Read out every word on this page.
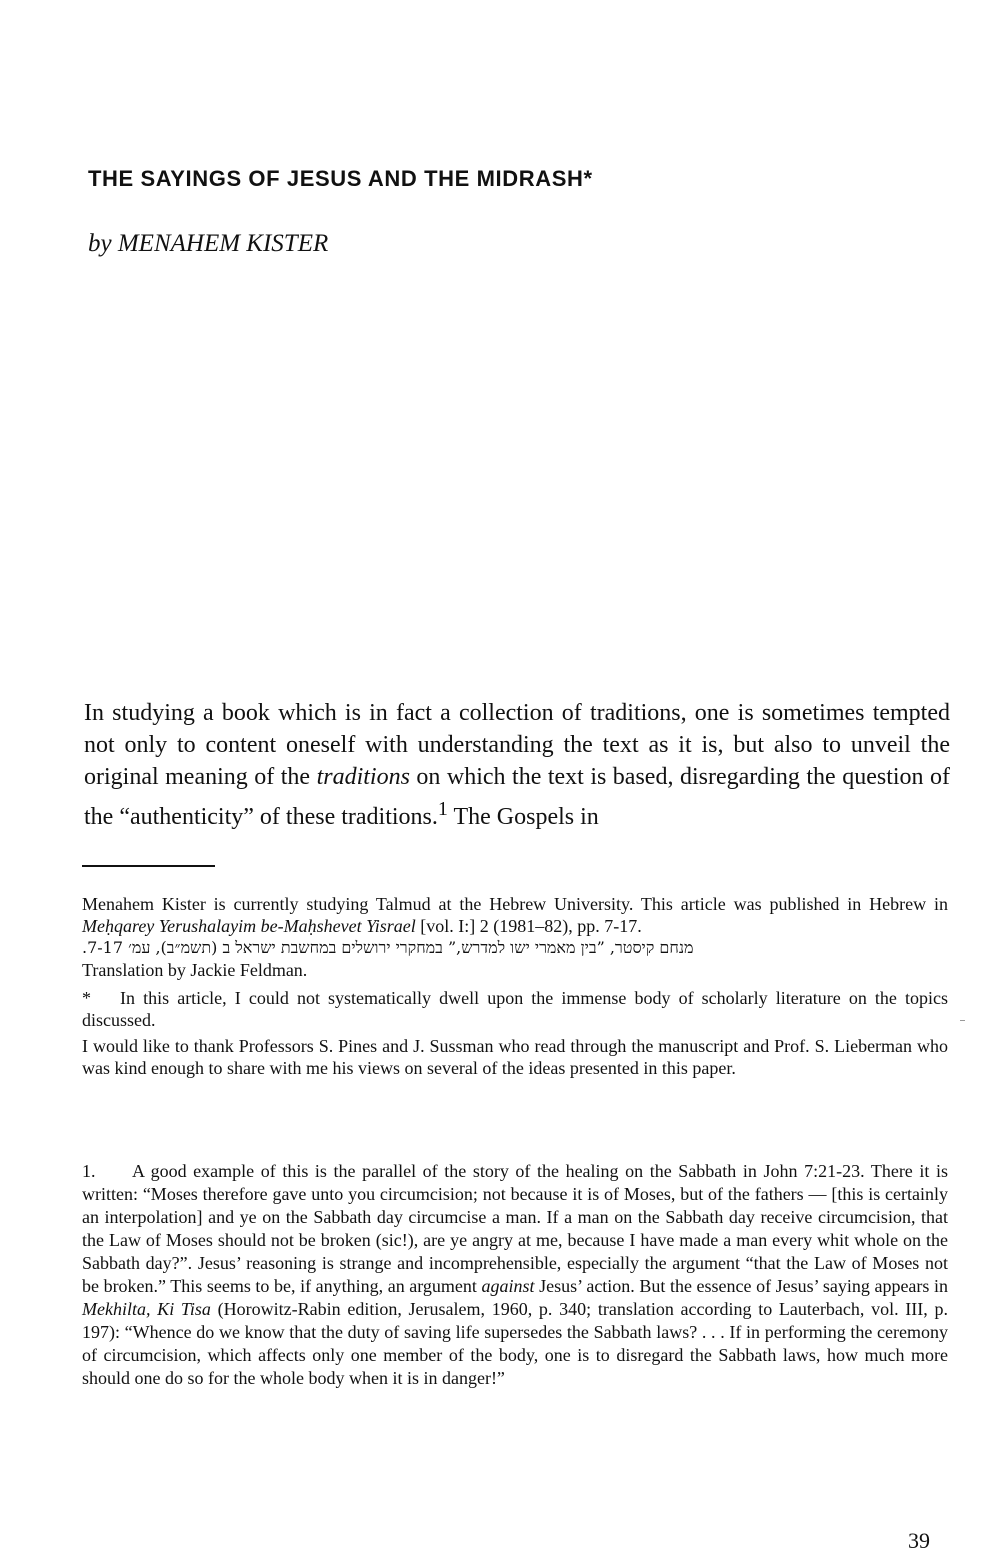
THE SAYINGS OF JESUS AND THE MIDRASH*
by MENAHEM KISTER

In studying a book which is in fact a collection of traditions, one is sometimes tempted not only to content oneself with understanding the text as it is, but also to unveil the original meaning of the traditions on which the text is based, disregarding the question of the “authenticity” of these traditions.$^1$ The Gospels in

Menahem Kister is currently studying Talmud at the Hebrew University. This article was published in Hebrew in Meḥqarey Yerushalayim be-Maḥshevet Yisrael [vol. I:] 2 (1981–82), pp. 7-17.

מנחם קיסטר, ”בין מאמרי ישו למדרש,” במחקרי ירושלים במחשבת ישראל ב (תשמ״ב), עמ׳ 7-17.

Translation by Jackie Feldman.

* In this article, I could not systematically dwell upon the immense body of scholarly literature on the topics discussed.

I would like to thank Professors S. Pines and J. Sussman who read through the manuscript and Prof. S. Lieberman who was kind enough to share with me his views on several of the ideas presented in this paper.

1. A good example of this is the parallel of the story of the healing on the Sabbath in John 7:21-23. There it is written: “Moses therefore gave unto you circumcision; not because it is of Moses, but of the fathers — [this is certainly an interpolation] and ye on the Sabbath day circumcise a man. If a man on the Sabbath day receive circumcision, that the Law of Moses should not be broken (sic!), are ye angry at me, because I have made a man every whit whole on the Sabbath day?”. Jesus’ reasoning is strange and incomprehensible, especially the argument “that the Law of Moses not be broken.” This seems to be, if anything, an argument against Jesus’ action. But the essence of Jesus’ saying appears in Mekhilta, Ki Tisa (Horowitz-Rabin edition, Jerusalem, 1960, p. 340; translation according to Lauterbach, vol. III, p. 197): “Whence do we know that the duty of saving life supersedes the Sabbath laws? . . . If in performing the ceremony of circumcision, which affects only one member of the body, one is to disregard the Sabbath laws, how much more should one do so for the whole body when it is in danger!”

39
